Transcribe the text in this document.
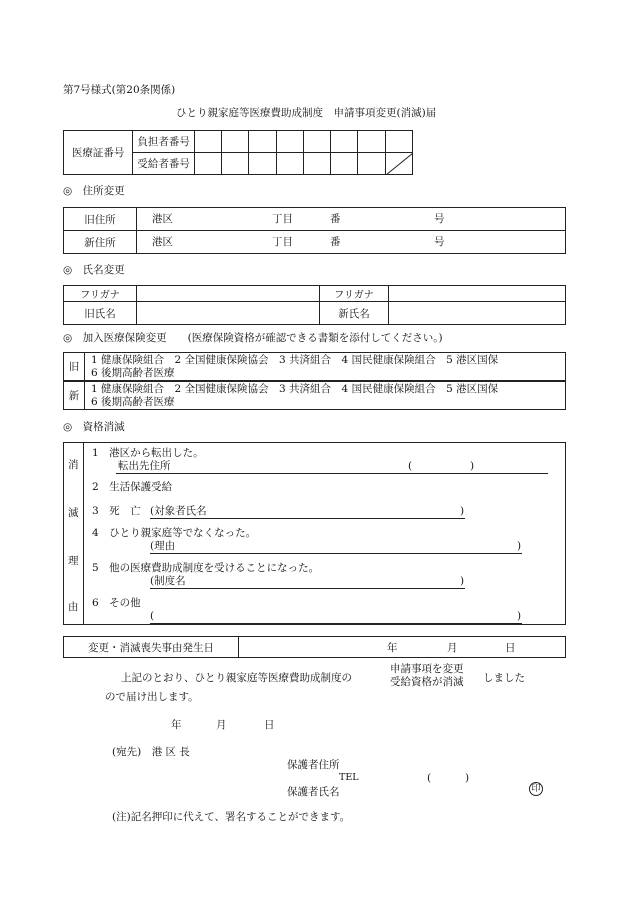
第7号様式(第20条関係)
ひとり親家庭等医療費助成制度　申請事項変更(消滅)届
医療証番号	負担者番号								
	受給者番号								
◎　住所変更
旧住所	港区 丁目 番 号

新住所	港区 丁目 番 号
◎　氏名変更
フリガナ		フリガナ	
旧氏名		新氏名	
◎　加入医療保険変更　　(医療保険資格が確認できる書類を添付してください。)
旧	1 健康保険組合　2 全国健康保険協会　3 共済組合　4 国民健康保険組合　5 港区国保
6 後期高齢者医療

新	1 健康保険組合　2 全国健康保険協会　3 共済組合　4 国民健康保険組合　5 港区国保
6 後期高齢者医療
◎　資格消滅
消
滅
理
由
1　港区から転出した。
転出先住所	(	)
2　生活保護受給
3　死　亡 (対象者氏名	)
4　ひとり親家庭等でなくなった。
(理由	)
5　他の医療費助成制度を受けることになった。
(制度名	)
6　その他
(	)
変更・消滅喪失事由発生日	年	月	日
上記のとおり、ひとり親家庭等医療費助成制度の
申請事項を変更
受給資格が消滅 しました
ので届け出します。
年	月	日
(宛先)　港 区 長
保護者住所
TEL	(	)
保護者氏名	印
(注)記名押印に代えて、署名することができます。
